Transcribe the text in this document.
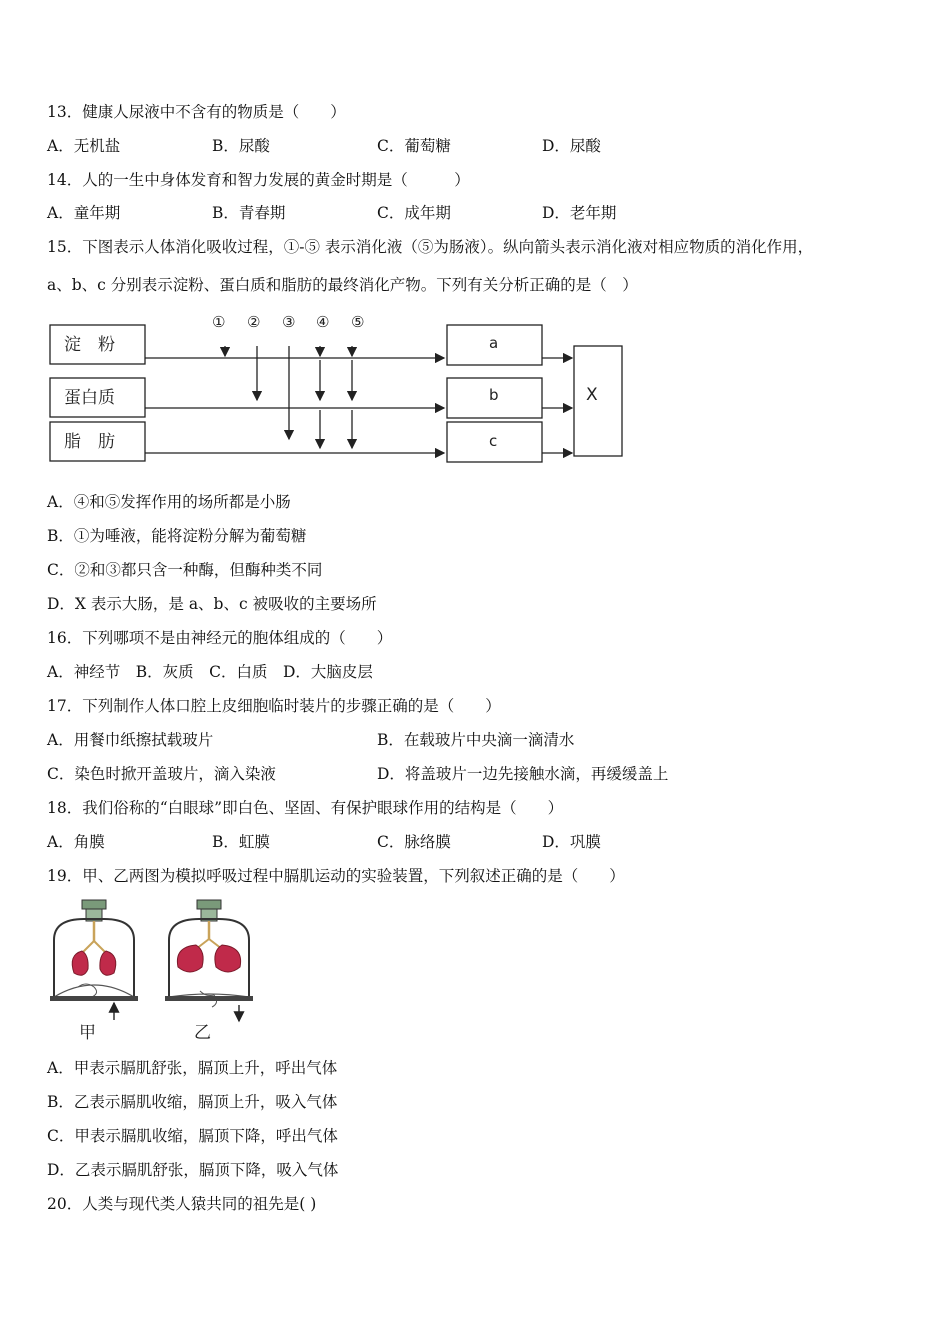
13．健康人尿液中不含有的物质是（　　）
A．无机盐	B．尿酸	C．葡萄糖	D．尿酸
14．人的一生中身体发育和智力发展的黄金时期是（　　　）
A．童年期	B．青春期	C．成年期	D．老年期
15．下图表示人体消化吸收过程，①-⑤ 表示消化液（⑤为肠液）。纵向箭头表示消化液对相应物质的消化作用，
a、b、c 分别表示淀粉、蛋白质和脂肪的最终消化产物。下列有关分析正确的是（　）
淀　粉
蛋白质
脂　肪
① ② ③ ④ ⑤
a
b
c
X
A．④和⑤发挥作用的场所都是小肠
B．①为唾液，能将淀粉分解为葡萄糖
C．②和③都只含一种酶，但酶种类不同
D．X 表示大肠，是 a、b、c 被吸收的主要场所
16．下列哪项不是由神经元的胞体组成的（　　）
A．神经节　B．灰质　C．白质　D．大脑皮层
17．下列制作人体口腔上皮细胞临时装片的步骤正确的是（　　）
A．用餐巾纸擦拭载玻片	B．在载玻片中央滴一滴清水
C．染色时掀开盖玻片，滴入染液	D．将盖玻片一边先接触水滴，再缓缓盖上
18．我们俗称的“白眼球”即白色、坚固、有保护眼球作用的结构是（　　）
A．角膜	B．虹膜	C．脉络膜	D．巩膜
19．甲、乙两图为模拟呼吸过程中膈肌运动的实验装置，下列叙述正确的是（　　）
甲	乙
A．甲表示膈肌舒张，膈顶上升，呼出气体
B．乙表示膈肌收缩，膈顶上升，吸入气体
C．甲表示膈肌收缩，膈顶下降，呼出气体
D．乙表示膈肌舒张，膈顶下降，吸入气体
20．人类与现代类人猿共同的祖先是( )
